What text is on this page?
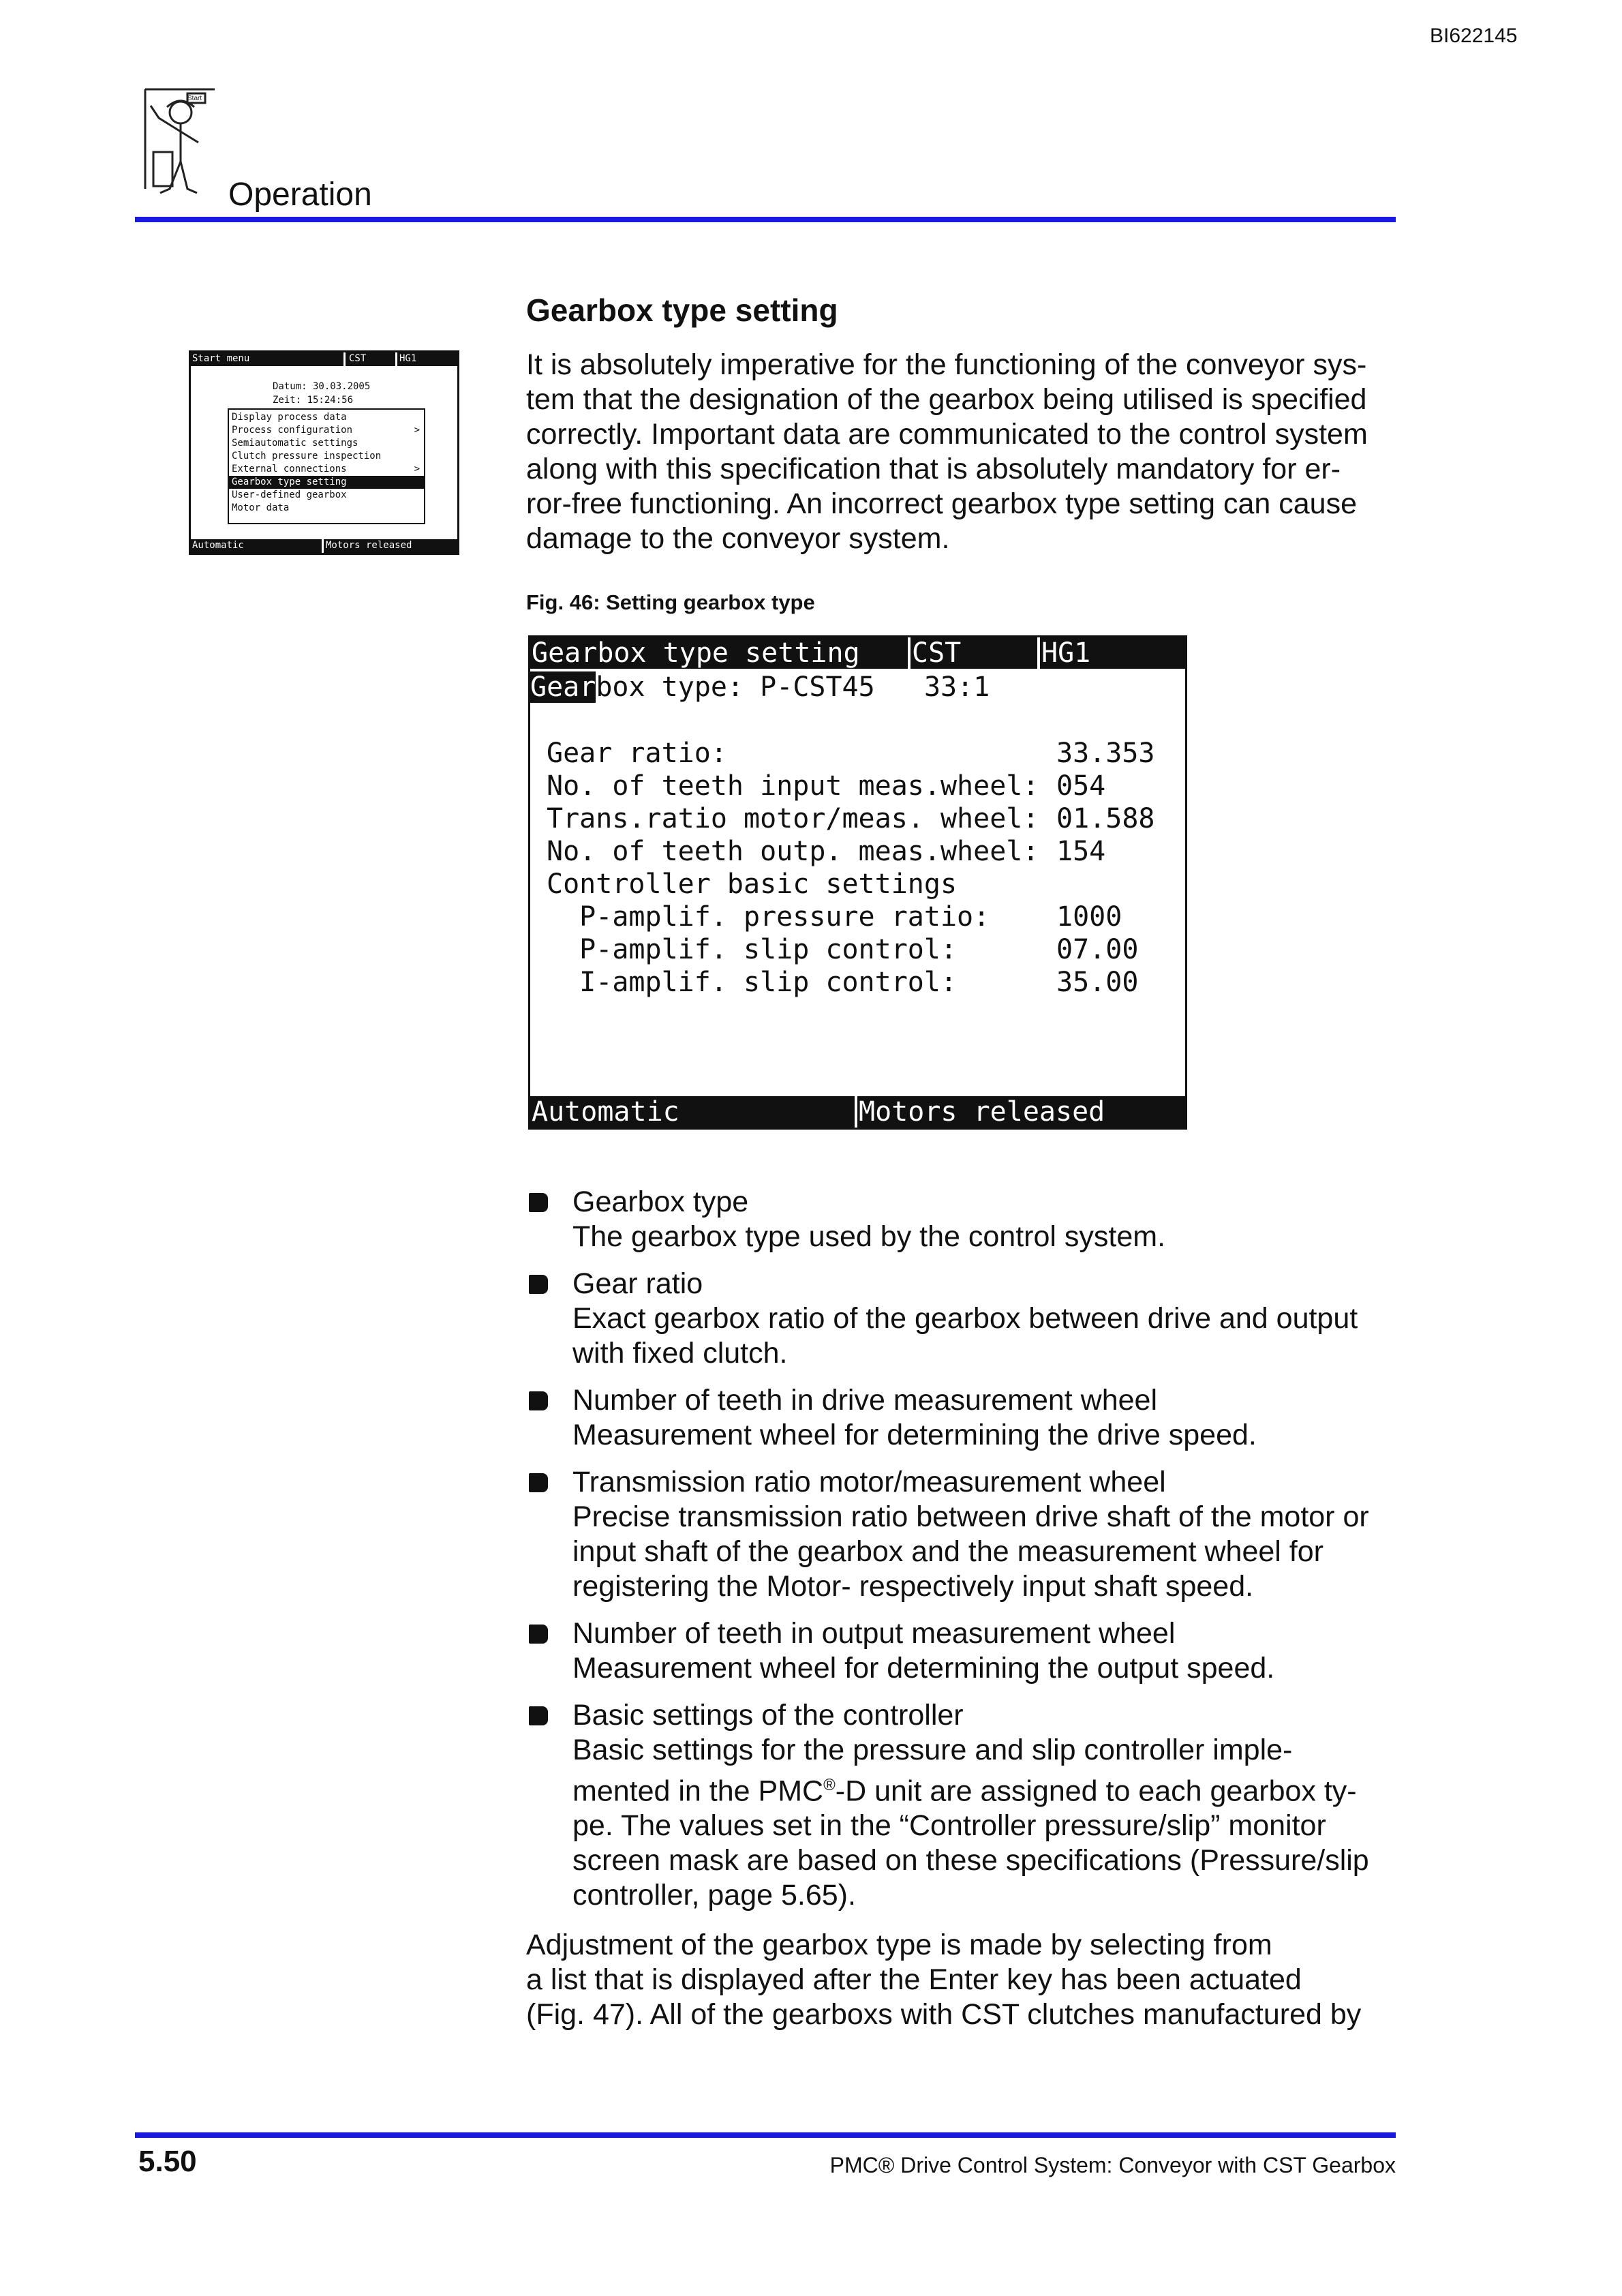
BI622145
Start
Operation
Gearbox type setting
It is absolutely imperative for the functioning of the conveyor sys-
tem that the designation of the gearbox being utilised is specified
correctly. Important data are communicated to the control system
along with this specification that is absolutely mandatory for er-
ror-free functioning. An incorrect gearbox type setting can cause
damage to the conveyor system.
Start menu	CST	HG1
Datum: 30.03.2005
Zeit: 15:24:56
Display process data
Process configuration	>
Semiautomatic settings
Clutch pressure inspection
External connections	>
Gearbox type setting
User-defined gearbox
Motor data
Automatic	Motors released
Fig. 46: Setting gearbox type
Gearbox type setting CST	HG1
Gearbox type: P-CST45   33:1
Gear ratio:	33.353
No. of teeth input meas.wheel: 054
Trans.ratio motor/meas. wheel: 01.588
No. of teeth outp. meas.wheel: 154
Controller basic settings
P-amplif. pressure ratio: 1000
P-amplif. slip control:	07.00
I-amplif. slip control:	35.00
Automatic	Motors released
Gearbox type
The gearbox type used by the control system.
Gear ratio
Exact gearbox ratio of the gearbox between drive and output
with fixed clutch.
Number of teeth in drive measurement wheel
Measurement wheel for determining the drive speed.
Transmission ratio motor/measurement wheel
Precise transmission ratio between drive shaft of the motor or
input shaft of the gearbox and the measurement wheel for
registering the Motor- respectively input shaft speed.
Number of teeth in output measurement wheel
Measurement wheel for determining the output speed.
Basic settings of the controller
Basic settings for the pressure and slip controller imple-
mented in the PMC®-D unit are assigned to each gearbox ty-
pe. The values set in the “Controller pressure/slip” monitor
screen mask are based on these specifications (Pressure/slip
controller, page 5.65).
Adjustment of the gearbox type is made by selecting from
a list that is displayed after the Enter key has been actuated
(Fig. 47). All of the gearboxs with CST clutches manufactured by
5.50	PMC® Drive Control System: Conveyor with CST Gearbox
